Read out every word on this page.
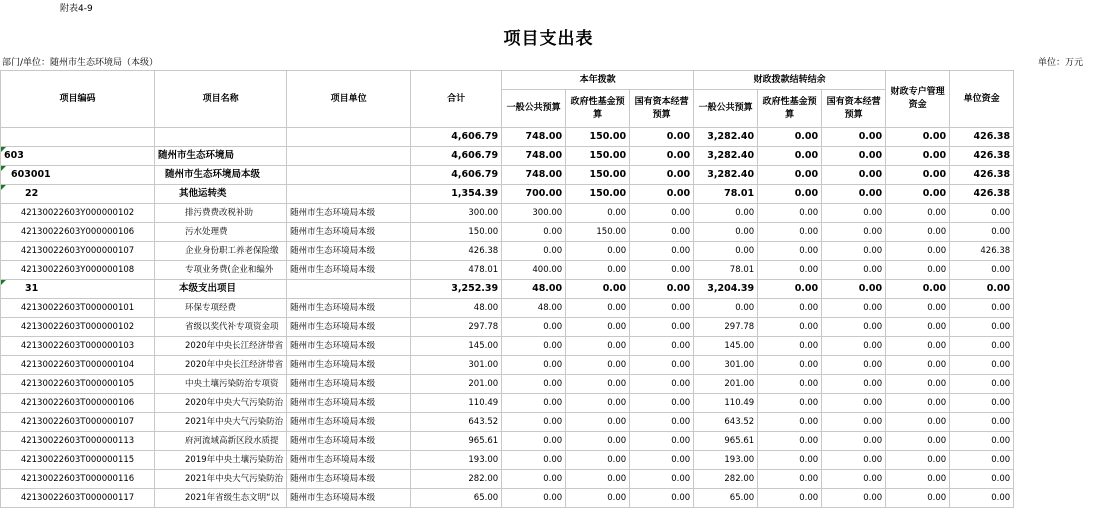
附表4-9
项目支出表
部门/单位：随州市生态环境局（本级）	单位：万元
项目编码	项目名称	项目单位	合计	本年拨款			财政拨款结转结余			财政专户管理资金	单位资金
				一般公共预算	政府性基金预算	国有资本经营预算	一般公共预算	政府性基金预算	国有资本经营预算		
			4,606.79	748.00	150.00	0.00	3,282.40	0.00	0.00	0.00	426.38
603	随州市生态环境局		4,606.79	748.00	150.00	0.00	3,282.40	0.00	0.00	0.00	426.38
603001	随州市生态环境局本级		4,606.79	748.00	150.00	0.00	3,282.40	0.00	0.00	0.00	426.38
22	其他运转类		1,354.39	700.00	150.00	0.00	78.01	0.00	0.00	0.00	426.38
42130022603Y000000102	排污费费改税补助	随州市生态环境局本级	300.00	300.00	0.00	0.00	0.00	0.00	0.00	0.00	0.00
42130022603Y000000106	污水处理费	随州市生态环境局本级	150.00	0.00	150.00	0.00	0.00	0.00	0.00	0.00	0.00
42130022603Y000000107	企业身份职工养老保险缴	随州市生态环境局本级	426.38	0.00	0.00	0.00	0.00	0.00	0.00	0.00	426.38
42130022603Y000000108	专项业务费(企业和编外	随州市生态环境局本级	478.01	400.00	0.00	0.00	78.01	0.00	0.00	0.00	0.00
31	本级支出项目		3,252.39	48.00	0.00	0.00	3,204.39	0.00	0.00	0.00	0.00
42130022603T000000101	环保专项经费	随州市生态环境局本级	48.00	48.00	0.00	0.00	0.00	0.00	0.00	0.00	0.00
42130022603T000000102	省级以奖代补专项资金项	随州市生态环境局本级	297.78	0.00	0.00	0.00	297.78	0.00	0.00	0.00	0.00
42130022603T000000103	2020年中央长江经济带省	随州市生态环境局本级	145.00	0.00	0.00	0.00	145.00	0.00	0.00	0.00	0.00
42130022603T000000104	2020年中央长江经济带省	随州市生态环境局本级	301.00	0.00	0.00	0.00	301.00	0.00	0.00	0.00	0.00
42130022603T000000105	中央土壤污染防治专项资	随州市生态环境局本级	201.00	0.00	0.00	0.00	201.00	0.00	0.00	0.00	0.00
42130022603T000000106	2020年中央大气污染防治	随州市生态环境局本级	110.49	0.00	0.00	0.00	110.49	0.00	0.00	0.00	0.00
42130022603T000000107	2021年中央大气污染防治	随州市生态环境局本级	643.52	0.00	0.00	0.00	643.52	0.00	0.00	0.00	0.00
42130022603T000000113	府河流域高新区段水质提	随州市生态环境局本级	965.61	0.00	0.00	0.00	965.61	0.00	0.00	0.00	0.00
42130022603T000000115	2019年中央土壤污染防治	随州市生态环境局本级	193.00	0.00	0.00	0.00	193.00	0.00	0.00	0.00	0.00
42130022603T000000116	2021年中央大气污染防治	随州市生态环境局本级	282.00	0.00	0.00	0.00	282.00	0.00	0.00	0.00	0.00
42130022603T000000117	2021年省级生态文明“以	随州市生态环境局本级	65.00	0.00	0.00	0.00	65.00	0.00	0.00	0.00	0.00
